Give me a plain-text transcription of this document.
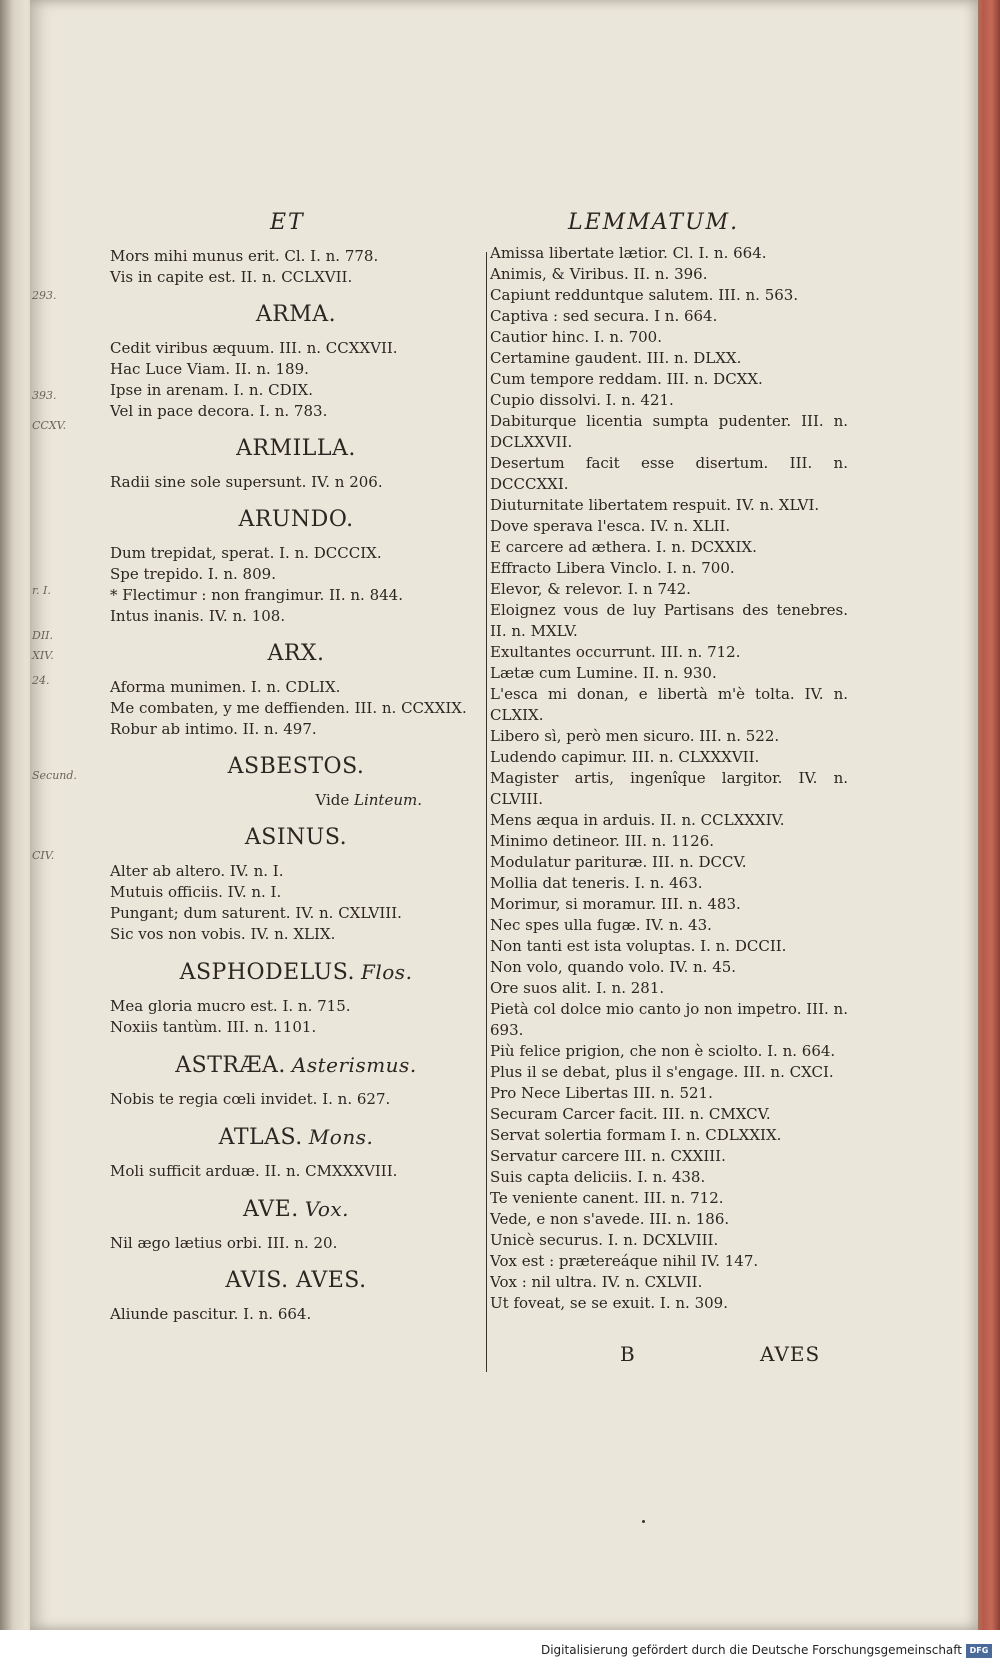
293.
393.
CCXV.
r. I.
DII.
XIV.
24.
Secund.
CIV.
ET	LEMMATUM.
Mors mihi munus erit. Cl. I. n. 778.
Vis in capite est. II. n. CCLXVII.
ARMA.
Cedit viribus æquum. III. n. CCXXVII.
Hac Luce Viam. II. n. 189.
Ipse in arenam. I. n. CDIX.
Vel in pace decora. I. n. 783.
ARMILLA.
Radii sine sole supersunt. IV. n 206.
ARUNDO.
Dum trepidat, sperat. I. n. DCCCIX.
Spe trepido. I. n. 809.
* Flectimur : non frangimur. II. n. 844.
Intus inanis. IV. n. 108.
ARX.
Aforma munimen. I. n. CDLIX.
Me combaten, y me deffienden. III. n. CCXXIX.
Robur ab intimo. II. n. 497.
ASBESTOS.
Vide Linteum.
ASINUS.
Alter ab altero. IV. n. I.
Mutuis officiis. IV. n. I.
Pungant; dum saturent. IV. n. CXLVIII.
Sic vos non vobis. IV. n. XLIX.
ASPHODELUS. Flos.
Mea gloria mucro est. I. n. 715.
Noxiis tantùm. III. n. 1101.
ASTRÆA. Asterismus.
Nobis te regia cœli invidet. I. n. 627.
ATLAS. Mons.
Moli sufficit arduæ. II. n. CMXXXVIII.
AVE. Vox.
Nil ægo lætius orbi. III. n. 20.
AVIS. AVES.
Aliunde pascitur. I. n. 664.
Amissa libertate lætior. Cl. I. n. 664.
Animis, & Viribus. II. n. 396.
Capiunt redduntque salutem. III. n. 563.
Captiva : sed secura. I n. 664.
Cautior hinc. I. n. 700.
Certamine gaudent. III. n. DLXX.
Cum tempore reddam. III. n. DCXX.
Cupio dissolvi. I. n. 421.
Dabiturque licentia sumpta pudenter. III. n. DCLXXVII.
Desertum facit esse disertum. III. n. DCCCXXI.
Diuturnitate libertatem respuit. IV. n. XLVI.
Dove sperava l'esca. IV. n. XLII.
E carcere ad æthera. I. n. DCXXIX.
Effracto Libera Vinclo. I. n. 700.
Elevor, & relevor. I. n 742.
Eloignez vous de luy Partisans des tenebres. II. n. MXLV.
Exultantes occurrunt. III. n. 712.
Lætæ cum Lumine. II. n. 930.
L'esca mi donan, e libertà m'è tolta. IV. n. CLXIX.
Libero sì, però men sicuro. III. n. 522.
Ludendo capimur. III. n. CLXXXVII.
Magister artis, ingenîque largitor. IV. n. CLVIII.
Mens æqua in arduis. II. n. CCLXXXIV.
Minimo detineor. III. n. 1126.
Modulatur parituræ. III. n. DCCV.
Mollia dat teneris. I. n. 463.
Morimur, si moramur. III. n. 483.
Nec spes ulla fugæ. IV. n. 43.
Non tanti est ista voluptas. I. n. DCCII.
Non volo, quando volo. IV. n. 45.
Ore suos alit. I. n. 281.
Pietà col dolce mio canto jo non impetro. III. n. 693.
Più felice prigion, che non è sciolto. I. n. 664.
Plus il se debat, plus il s'engage. III. n. CXCI.
Pro Nece Libertas III. n. 521.
Securam Carcer facit. III. n. CMXCV.
Servat solertia formam I. n. CDLXXIX.
Servatur carcere III. n. CXXIII.
Suis capta deliciis. I. n. 438.
Te veniente canent. III. n. 712.
Vede, e non s'avede. III. n. 186.
Unicè securus. I. n. DCXLVIII.
Vox est : prætereáque nihil IV. 147.
Vox : nil ultra. IV. n. CXLVII.
Ut foveat, se se exuit. I. n. 309.
B	AVES
Digitalisierung gefördert durch die Deutsche Forschungsgemeinschaft DFG
